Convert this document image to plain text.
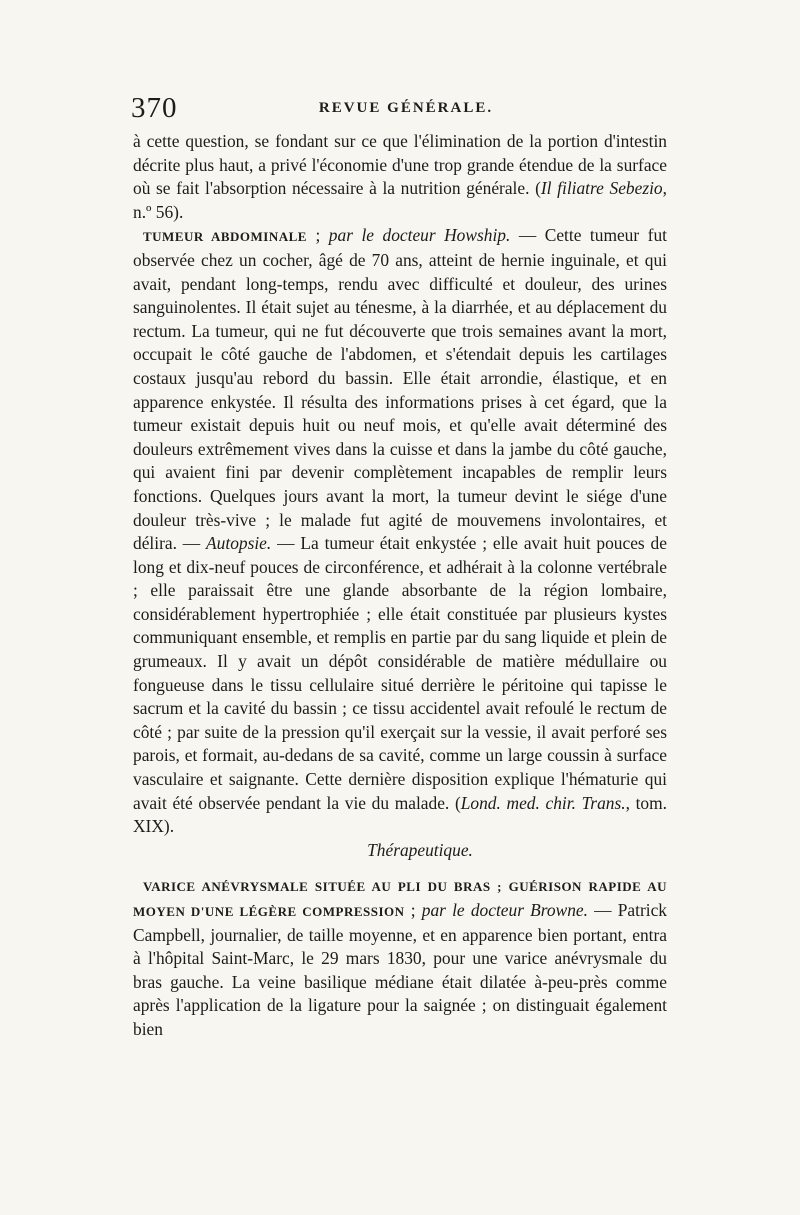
370	REVUE GÉNÉRALE.

à cette question, se fondant sur ce que l'élimination de la portion d'intestin décrite plus haut, a privé l'économie d'une trop grande étendue de la surface où se fait l'absorption nécessaire à la nutrition générale. (Il filiatre Sebezio, n.º 56).

TUMEUR ABDOMINALE ; par le docteur Howship. — Cette tumeur fut observée chez un cocher, âgé de 70 ans, atteint de hernie inguinale, et qui avait, pendant long-temps, rendu avec difficulté et douleur, des urines sanguinolentes. Il était sujet au ténesme, à la diarrhée, et au déplacement du rectum. La tumeur, qui ne fut découverte que trois semaines avant la mort, occupait le côté gauche de l'abdomen, et s'étendait depuis les cartilages costaux jusqu'au rebord du bassin. Elle était arrondie, élastique, et en apparence enkystée. Il résulta des informations prises à cet égard, que la tumeur existait depuis huit ou neuf mois, et qu'elle avait déterminé des douleurs extrêmement vives dans la cuisse et dans la jambe du côté gauche, qui avaient fini par devenir complètement incapables de remplir leurs fonctions. Quelques jours avant la mort, la tumeur devint le siége d'une douleur très-vive ; le malade fut agité de mouvemens involontaires, et délira. — Autopsie. — La tumeur était enkystée ; elle avait huit pouces de long et dix-neuf pouces de circonférence, et adhérait à la colonne vertébrale ; elle paraissait être une glande absorbante de la région lombaire, considérablement hypertrophiée ; elle était constituée par plusieurs kystes communiquant ensemble, et remplis en partie par du sang liquide et plein de grumeaux. Il y avait un dépôt considérable de matière médullaire ou fongueuse dans le tissu cellulaire situé derrière le péritoine qui tapisse le sacrum et la cavité du bassin ; ce tissu accidentel avait refoulé le rectum de côté ; par suite de la pression qu'il exerçait sur la vessie, il avait perforé ses parois, et formait, au-dedans de sa cavité, comme un large coussin à surface vasculaire et saignante. Cette dernière disposition explique l'hématurie qui avait été observée pendant la vie du malade. (Lond. med. chir. Trans., tom. XIX).

Thérapeutique.

VARICE ANÉVRYSMALE SITUÉE AU PLI DU BRAS ; GUÉRISON RAPIDE AU MOYEN D'UNE LÉGÈRE COMPRESSION ; par le docteur Browne. — Patrick Campbell, journalier, de taille moyenne, et en apparence bien portant, entra à l'hôpital Saint-Marc, le 29 mars 1830, pour une varice anévrysmale du bras gauche. La veine basilique médiane était dilatée à-peu-près comme après l'application de la ligature pour la saignée ; on distinguait également bien
